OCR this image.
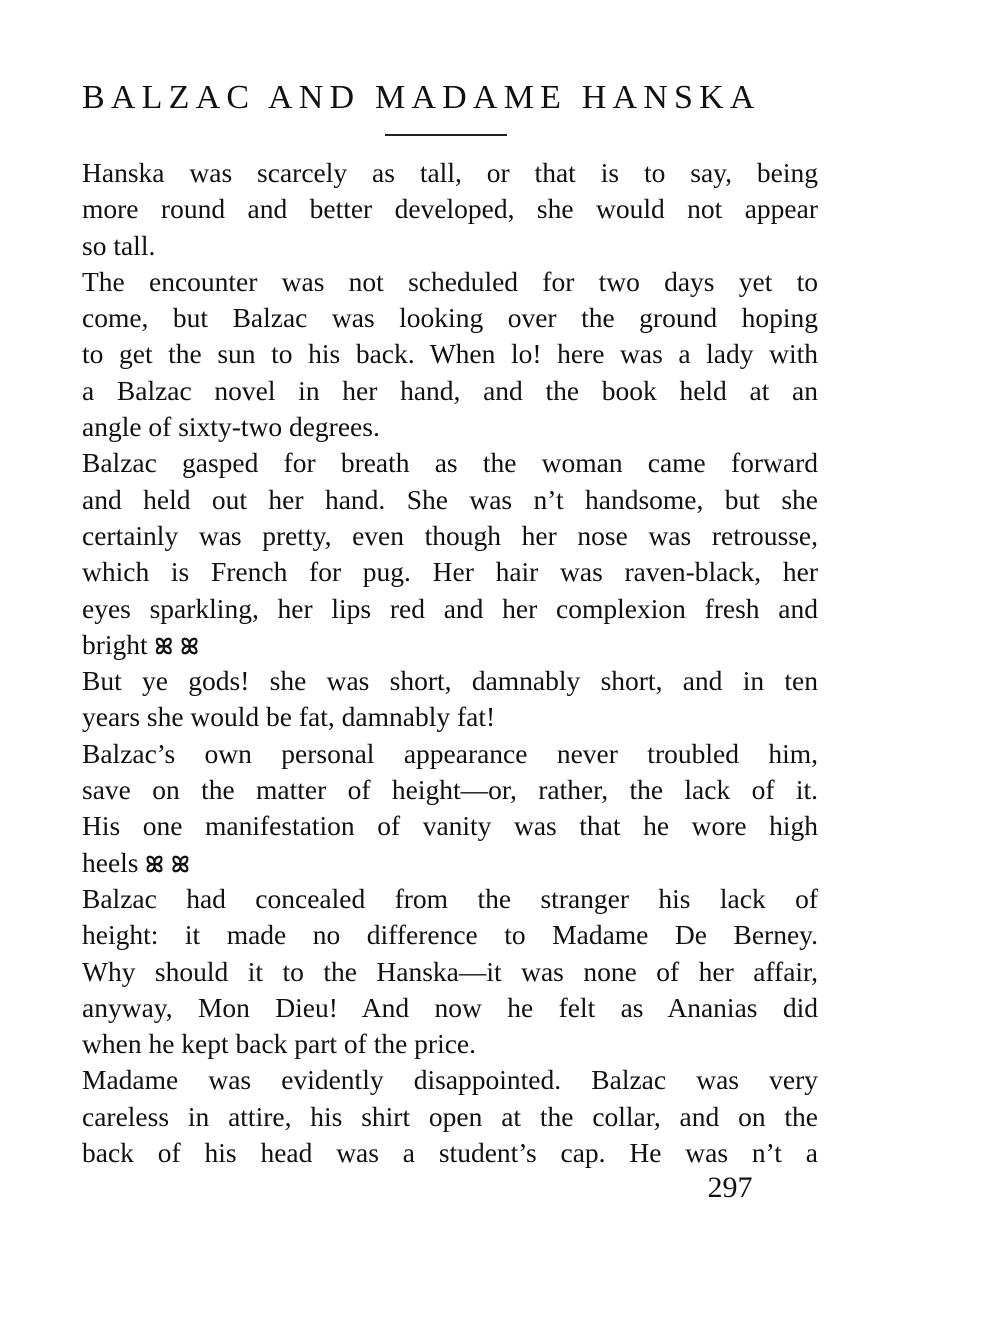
BALZAC AND MADAME HANSKA
Hanska was scarcely as tall, or that is to say, being
more round and better developed, she would not appear
so tall.
The encounter was not scheduled for two days yet to
come, but Balzac was looking over the ground hoping
to get the sun to his back. When lo! here was a lady with
a Balzac novel in her hand, and the book held at an
angle of sixty-two degrees.
Balzac gasped for breath as the woman came forward
and held out her hand. She was n’t handsome, but she
certainly was pretty, even though her nose was retrousse,
which is French for pug. Her hair was raven-black, her
eyes sparkling, her lips red and her complexion fresh and
bright ꕤ ꕤ
But ye gods! she was short, damnably short, and in ten
years she would be fat, damnably fat!
Balzac’s own personal appearance never troubled him,
save on the matter of height—or, rather, the lack of it.
His one manifestation of vanity was that he wore high
heels ꕤ ꕤ
Balzac had concealed from the stranger his lack of
height: it made no difference to Madame De Berney.
Why should it to the Hanska—it was none of her affair,
anyway, Mon Dieu! And now he felt as Ananias did
when he kept back part of the price.
Madame was evidently disappointed. Balzac was very
careless in attire, his shirt open at the collar, and on the
back of his head was a student’s cap. He was n’t a
297
